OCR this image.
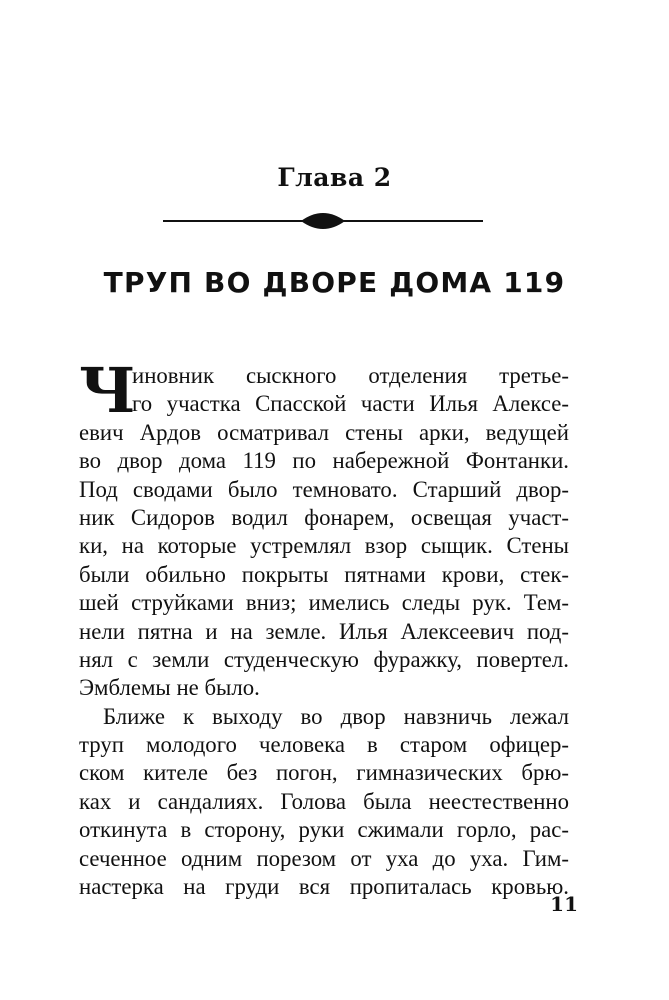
Глава 2
ТРУП ВО ДВОРЕ ДОМА 119
Ч
иновник сыскного отделения третье-
го участка Спасской части Илья Алексе-
евич Ардов осматривал стены арки, ведущей
во двор дома 119 по набережной Фонтанки.
Под сводами было темновато. Старший двор-
ник Сидоров водил фонарем, освещая участ-
ки, на которые устремлял взор сыщик. Стены
были обильно покрыты пятнами крови, стек-
шей струйками вниз; имелись следы рук. Тем-
нели пятна и на земле. Илья Алексеевич под-
нял с земли студенческую фуражку, повертел.
Эмблемы не было.
Ближе к выходу во двор навзничь лежал
труп молодого человека в старом офицер-
ском кителе без погон, гимназических брю-
ках и сандалиях. Голова была неестественно
откинута в сторону, руки сжимали горло, рас-
сеченное одним порезом от уха до уха. Гим-
настерка на груди вся пропиталась кровью.
11
